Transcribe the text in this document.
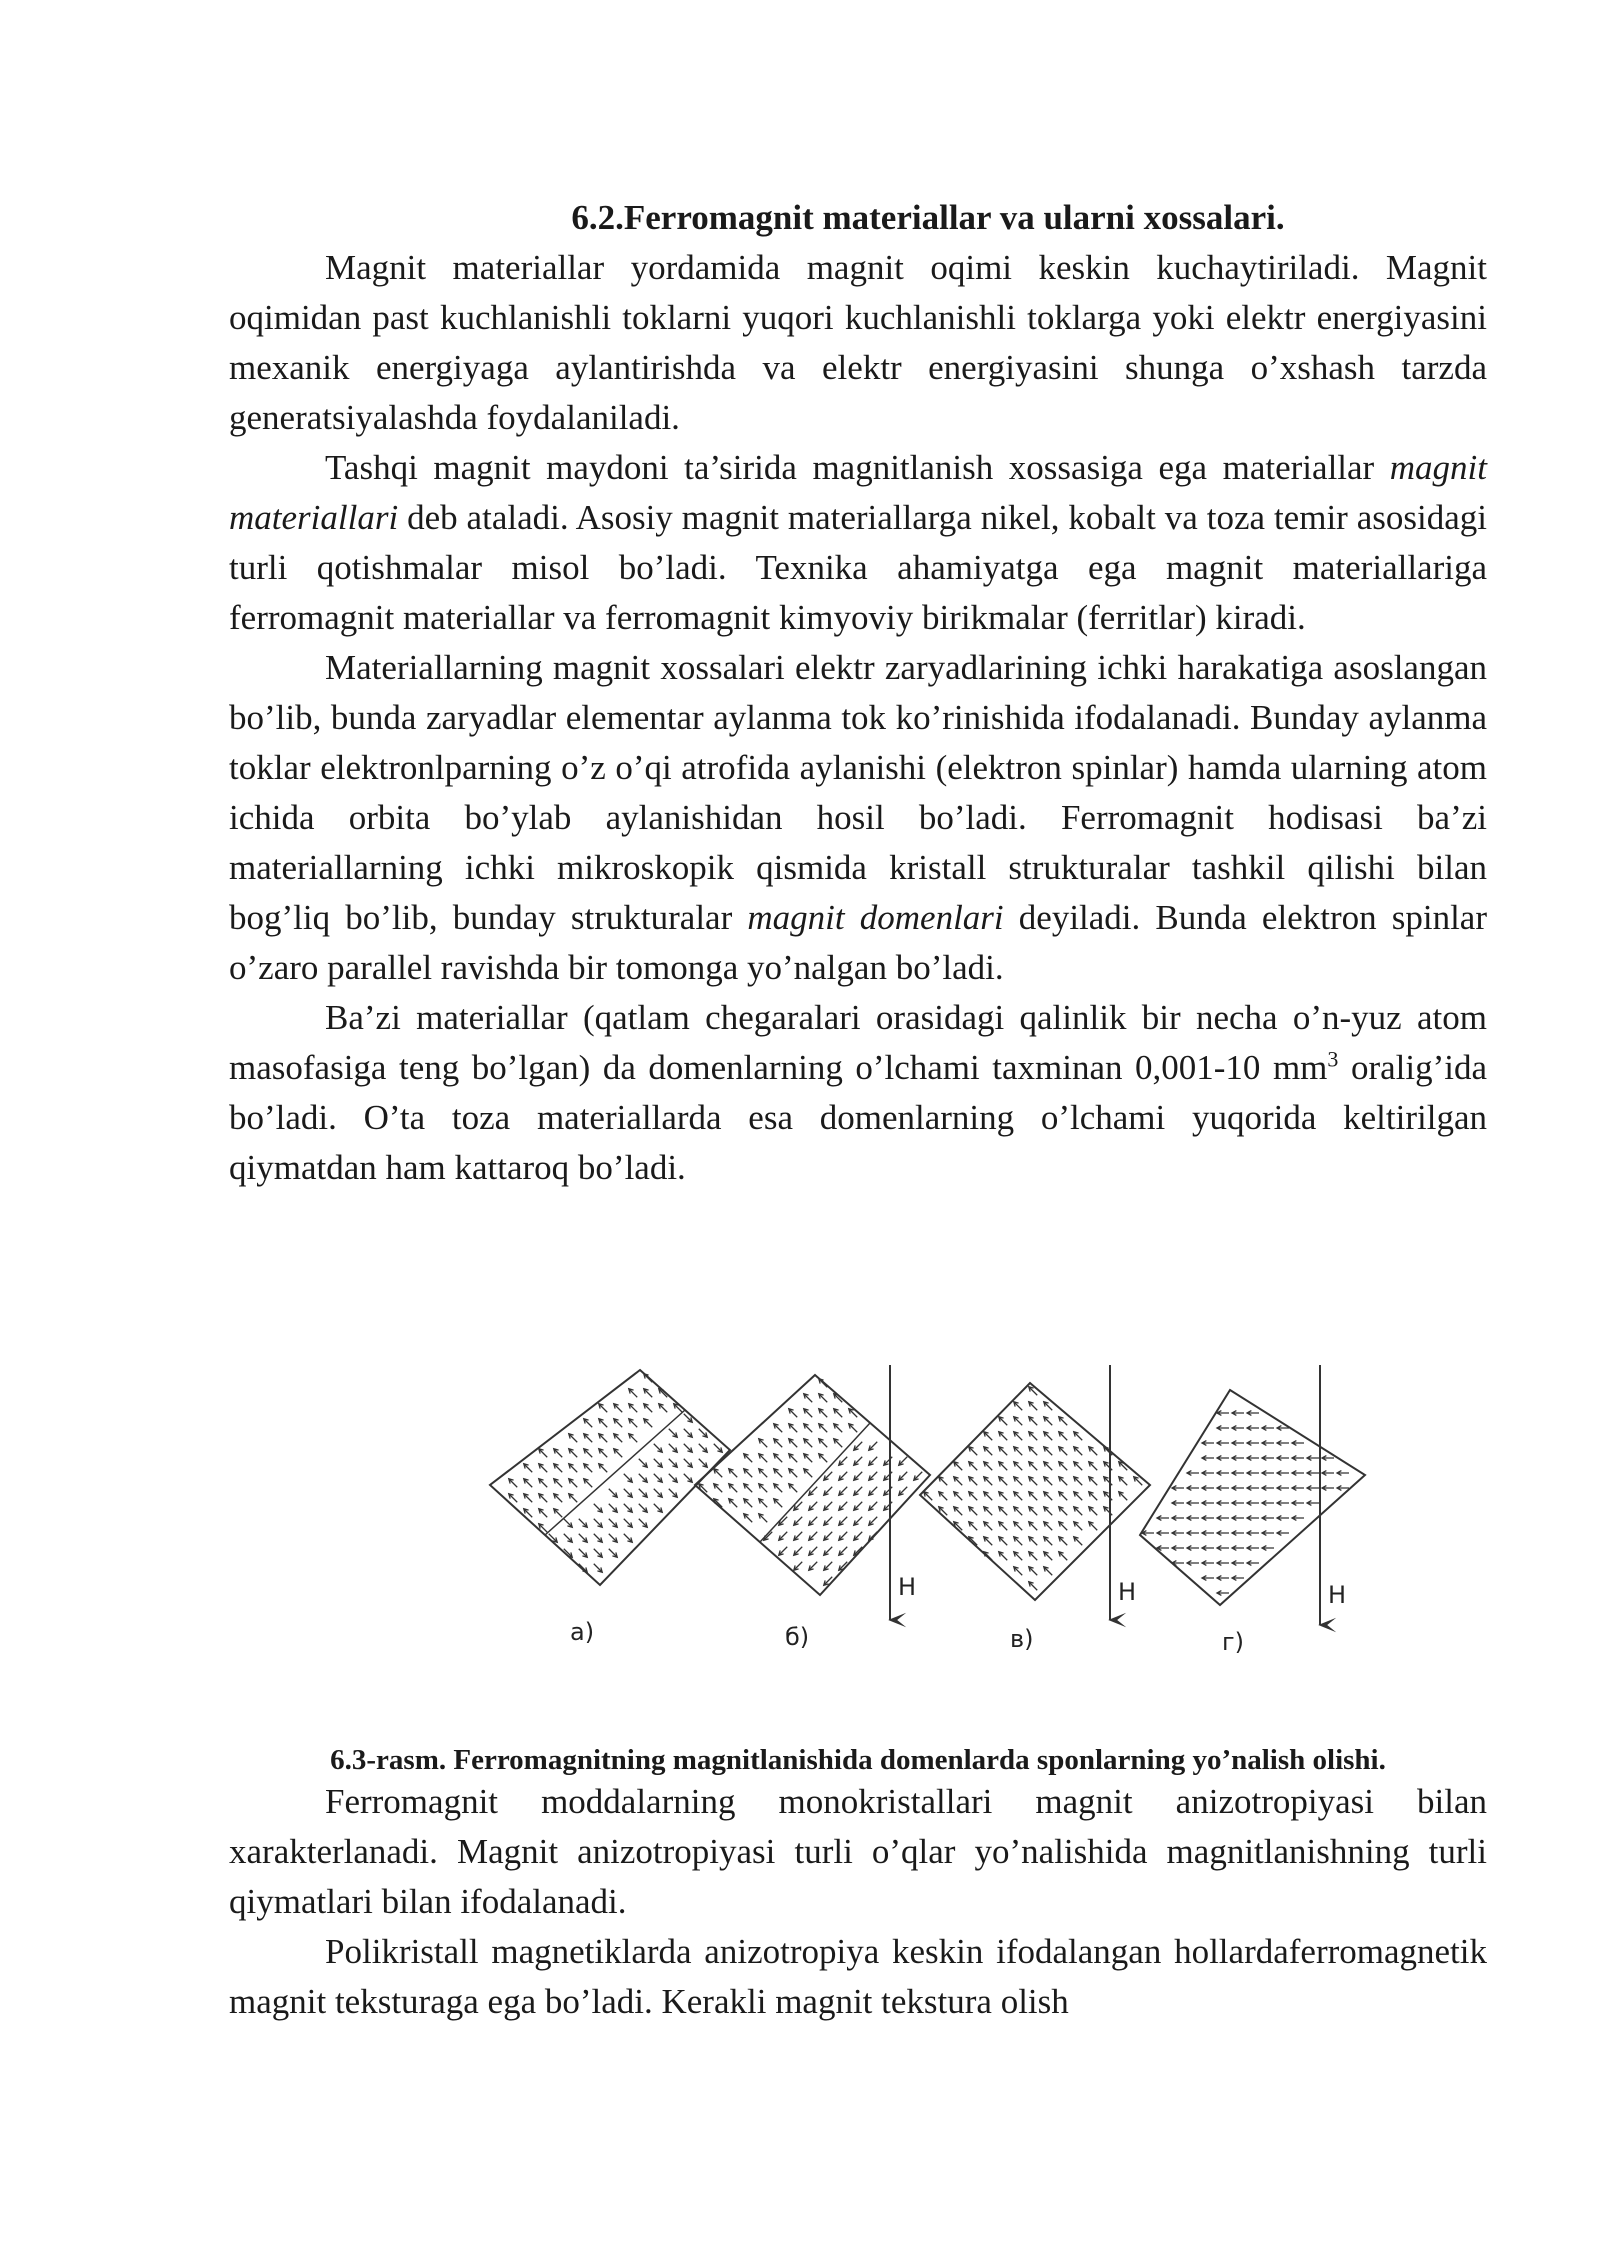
6.2.Ferromagnit materiallar va ularni xossalari.

Magnit materiallar yordamida magnit oqimi keskin kuchaytiriladi. Magnit oqimidan past kuchlanishli toklarni yuqori kuchlanishli toklarga yoki elektr energiyasini mexanik energiyaga aylantirishda va elektr energiyasini shunga o’xshash tarzda generatsiyalashda foydalaniladi.

Tashqi magnit maydoni ta’sirida magnitlanish xossasiga ega materiallar magnit materiallari deb ataladi. Asosiy magnit materiallarga nikel, kobalt va toza temir asosidagi turli qotishmalar misol bo’ladi. Texnika ahamiyatga ega magnit materiallariga ferromagnit materiallar va ferromagnit kimyoviy birikmalar (ferritlar) kiradi.

Materiallarning magnit xossalari elektr zaryadlarining ichki harakatiga asoslangan bo’lib, bunda zaryadlar elementar aylanma tok ko’rinishida ifodalanadi. Bunday aylanma toklar elektronlparning o’z o’qi atrofida aylanishi (elektron spinlar) hamda ularning atom ichida orbita bo’ylab aylanishidan hosil bo’ladi. Ferromagnit hodisasi ba’zi materiallarning ichki mikroskopik qismida kristall strukturalar tashkil qilishi bilan bog’liq bo’lib, bunday strukturalar magnit domenlari deyiladi. Bunda elektron spinlar o’zaro parallel ravishda bir tomonga yo’nalgan bo’ladi.

Ba’zi materiallar (qatlam chegaralari orasidagi qalinlik bir necha o’n-yuz atom masofasiga teng bo’lgan) da domenlarning o’lchami taxminan 0,001-10 $mm^3$ oralig’ida bo’ladi. O’ta toza materiallarda esa domenlarning o’lchami yuqorida keltirilgan qiymatdan ham kattaroq bo’ladi.

а)
H
б)
H
в)
H
г)
6.3-rasm. Ferromagnitning magnitlanishida domenlarda sponlarning yo’nalish olishi.

Ferromagnit moddalarning monokristallari magnit anizotropiyasi bilan xarakterlanadi. Magnit anizotropiyasi turli o’qlar yo’nalishida magnitlanishning turli qiymatlari bilan ifodalanadi.

Polikristall magnetiklarda anizotropiya keskin ifodalangan hollardaferromagnetik magnit teksturaga ega bo’ladi. Kerakli magnit tekstura olish
